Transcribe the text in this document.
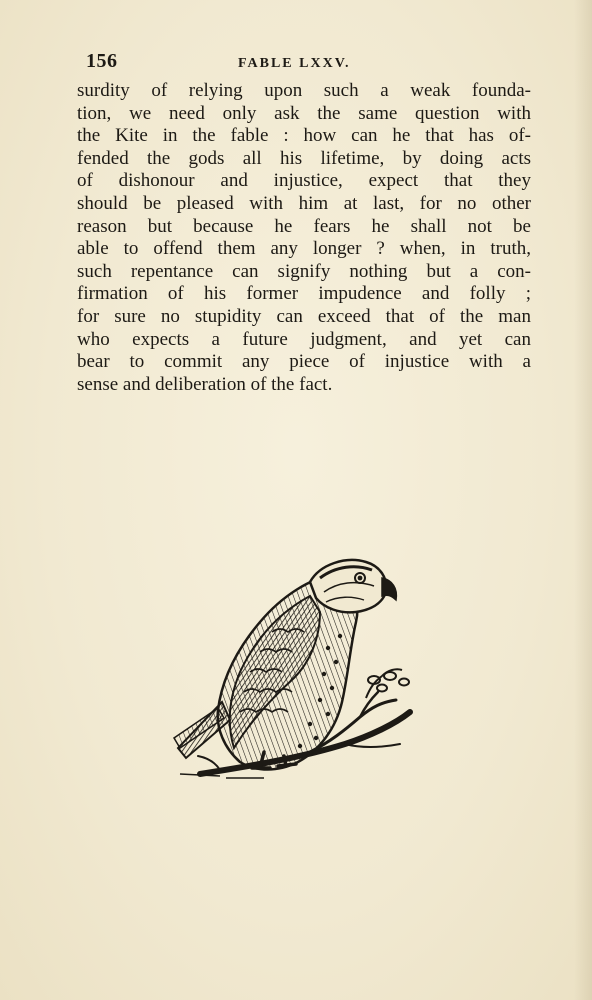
156	FABLE LXXV.
surdity of relying upon such a weak founda-
tion, we need only ask the same question with
the Kite in the fable : how can he that has of-
fended the gods all his lifetime, by doing acts
of dishonour and injustice, expect that they
should be pleased with him at last, for no other
reason but because he fears he shall not be
able to offend them any longer ? when, in truth,
such repentance can signify nothing but a con-
firmation of his former impudence and folly ;
for sure no stupidity can exceed that of the man
who expects a future judgment, and yet can
bear to commit any piece of injustice with a
sense and deliberation of the fact.
